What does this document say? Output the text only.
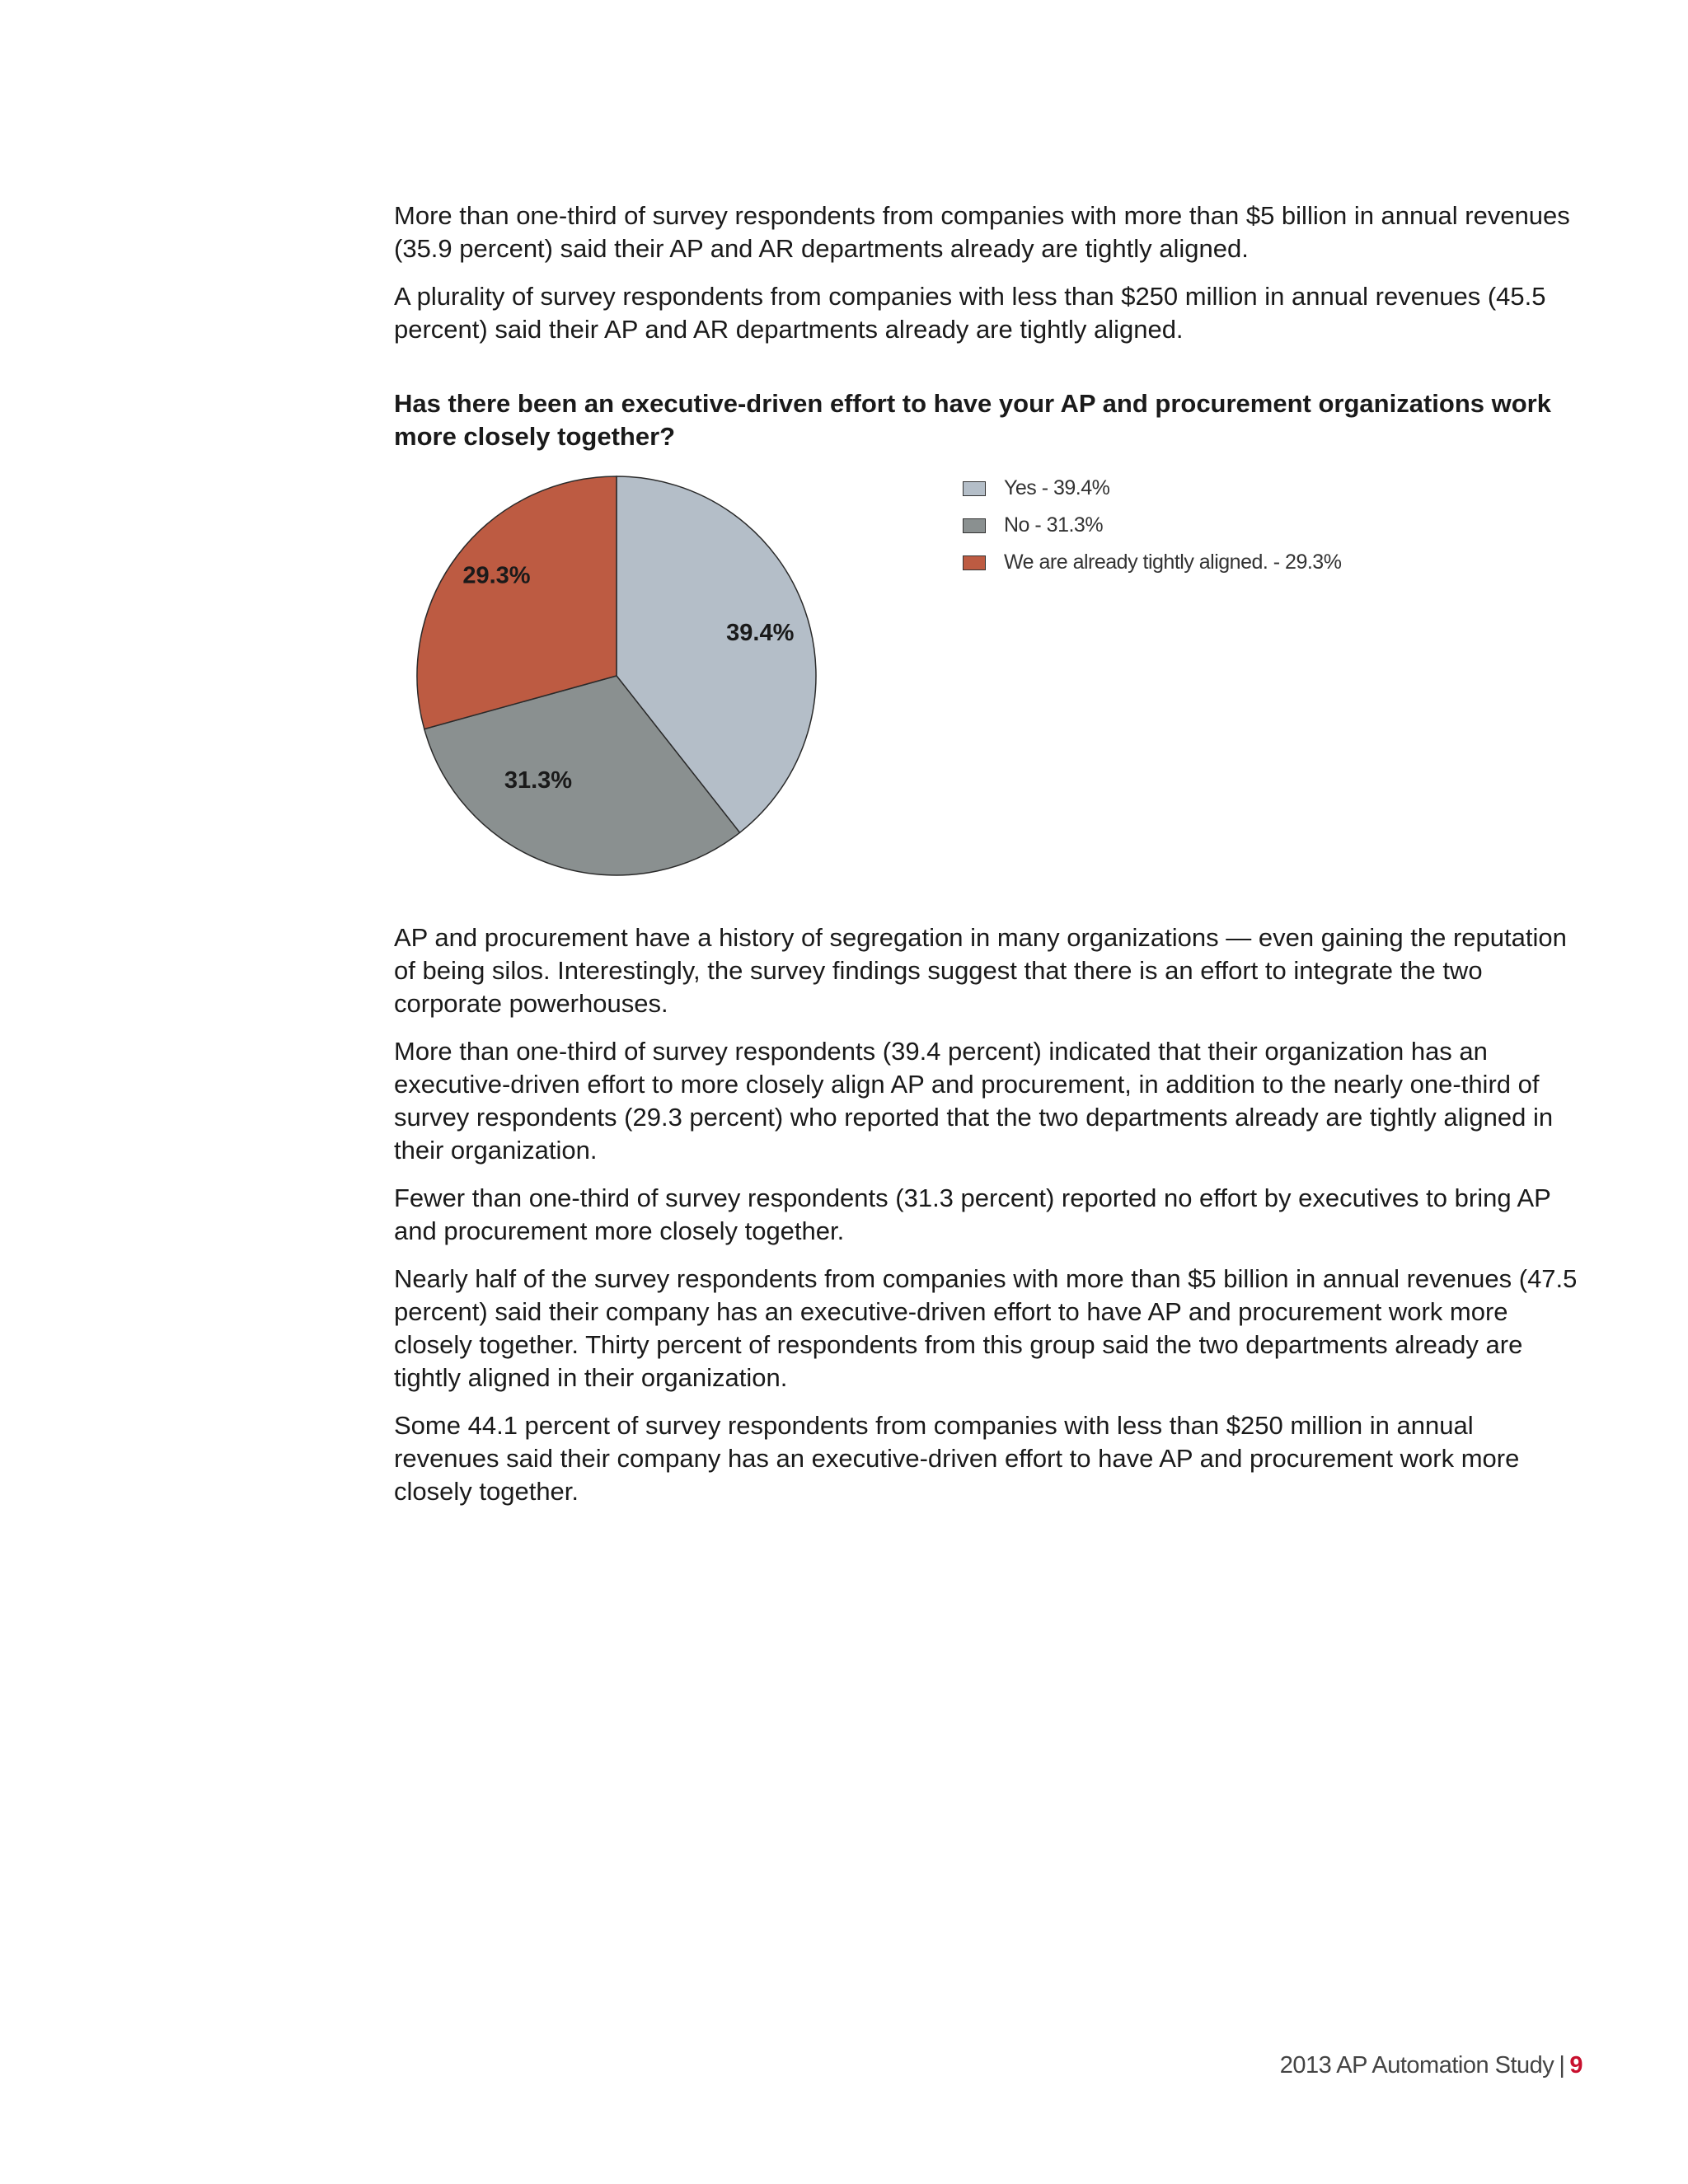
More than one-third of survey respondents from companies with more than $5 billion in annual revenues (35.9 percent) said their AP and AR departments already are tightly aligned.

A plurality of survey respondents from companies with less than $250 million in annual revenues (45.5 percent) said their AP and AR departments already are tightly aligned.

Has there been an executive-driven effort to have your AP and procurement organizations work more closely together?

39.4%
31.3%
29.3%
Yes - 39.4%
No - 31.3%
We are already tightly aligned. - 29.3%

AP and procurement have a history of segregation in many organizations — even gaining the reputation of being silos. Interestingly, the survey findings suggest that there is an effort to integrate the two corporate powerhouses.

More than one-third of survey respondents (39.4 percent) indicated that their organization has an executive-driven effort to more closely align AP and procurement, in addition to the nearly one-third of survey respondents (29.3 percent) who reported that the two departments already are tightly aligned in their organization.

Fewer than one-third of survey respondents (31.3 percent) reported no effort by executives to bring AP and procurement more closely together.

Nearly half of the survey respondents from companies with more than $5 billion in annual revenues (47.5 percent) said their company has an executive-driven effort to have AP and procurement work more closely together. Thirty percent of respondents from this group said the two departments already are tightly aligned in their organization.

Some 44.1 percent of survey respondents from companies with less than $250 million in annual revenues said their company has an executive-driven effort to have AP and procurement work more closely together.

2013 AP Automation Study | 9
